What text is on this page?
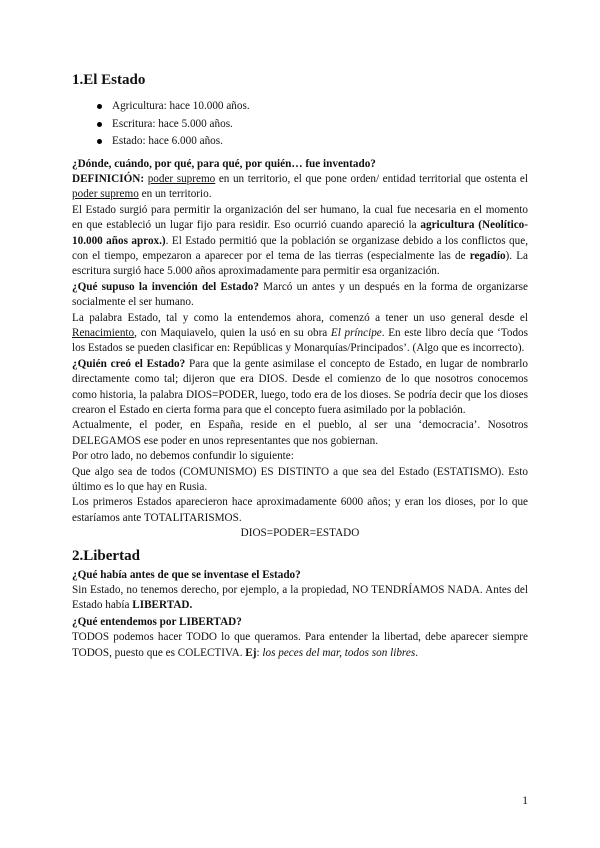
1.El Estado
Agricultura: hace 10.000 años.
Escritura: hace 5.000 años.
Estado: hace 6.000 años.

¿Dónde, cuándo, por qué, para qué, por quién… fue inventado?

DEFINICIÓN: poder supremo en un territorio, el que pone orden/ entidad territorial que ostenta el poder supremo en un territorio.

El Estado surgió para permitir la organización del ser humano, la cual fue necesaria en el momento en que estableció un lugar fijo para residir. Eso ocurrió cuando apareció la agricultura (Neolítico-10.000 años aprox.). El Estado permitió que la población se organizase debido a los conflictos que, con el tiempo, empezaron a aparecer por el tema de las tierras (especialmente las de regadío). La escritura surgió hace 5.000 años aproximadamente para permitir esa organización.

¿Qué supuso la invención del Estado? Marcó un antes y un después en la forma de organizarse socialmente el ser humano.

La palabra Estado, tal y como la entendemos ahora, comenzó a tener un uso general desde el Renacimiento, con Maquiavelo, quien la usó en su obra El príncipe. En este libro decía que ‘Todos los Estados se pueden clasificar en: Repúblicas y Monarquías/Principados’. (Algo que es incorrecto).

¿Quién creó el Estado? Para que la gente asimilase el concepto de Estado, en lugar de nombrarlo directamente como tal; dijeron que era DIOS. Desde el comienzo de lo que nosotros conocemos como historia, la palabra DIOS=PODER, luego, todo era de los dioses. Se podría decir que los dioses crearon el Estado en cierta forma para que el concepto fuera asimilado por la población.

Actualmente, el poder, en España, reside en el pueblo, al ser una ‘democracia’. Nosotros DELEGAMOS ese poder en unos representantes que nos gobiernan.

Por otro lado, no debemos confundir lo siguiente:

Que algo sea de todos (COMUNISMO) ES DISTINTO a que sea del Estado (ESTATISMO). Esto último es lo que hay en Rusia.

Los primeros Estados aparecieron hace aproximadamente 6000 años; y eran los dioses, por lo que estaríamos ante TOTALITARISMOS.

DIOS=PODER=ESTADO

2.Libertad

¿Qué había antes de que se inventase el Estado?

Sin Estado, no tenemos derecho, por ejemplo, a la propiedad, NO TENDRÍAMOS NADA. Antes del Estado había LIBERTAD.

¿Qué entendemos por LIBERTAD?

TODOS podemos hacer TODO lo que queramos. Para entender la libertad, debe aparecer siempre TODOS, puesto que es COLECTIVA. Ej: los peces del mar, todos son libres.

1
